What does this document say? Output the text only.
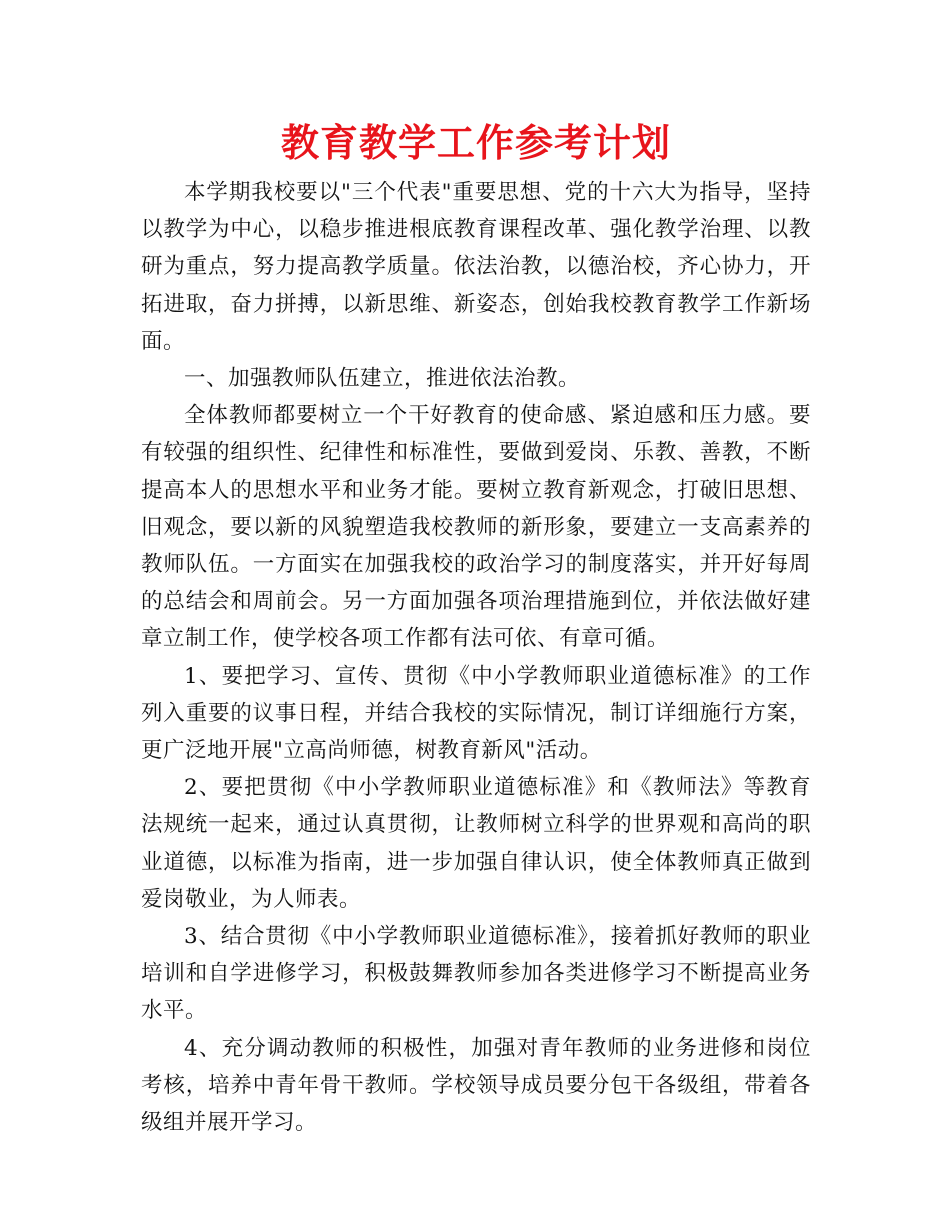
教育教学工作参考计划

本学期我校要以"三个代表"重要思想、党的十六大为指导，坚持以教学为中心，以稳步推进根底教育课程改革、强化教学治理、以教研为重点，努力提高教学质量。依法治教，以德治校，齐心协力，开拓进取，奋力拼搏，以新思维、新姿态，创始我校教育教学工作新场面。

一、加强教师队伍建立，推进依法治教。

全体教师都要树立一个干好教育的使命感、紧迫感和压力感。要有较强的组织性、纪律性和标准性，要做到爱岗、乐教、善教，不断提高本人的思想水平和业务才能。要树立教育新观念，打破旧思想、旧观念，要以新的风貌塑造我校教师的新形象，要建立一支高素养的教师队伍。一方面实在加强我校的政治学习的制度落实，并开好每周的总结会和周前会。另一方面加强各项治理措施到位，并依法做好建章立制工作，使学校各项工作都有法可依、有章可循。

1、要把学习、宣传、贯彻《中小学教师职业道德标准》的工作列入重要的议事日程，并结合我校的实际情况，制订详细施行方案，更广泛地开展"立高尚师德，树教育新风"活动。

2、要把贯彻《中小学教师职业道德标准》和《教师法》等教育法规统一起来，通过认真贯彻，让教师树立科学的世界观和高尚的职业道德，以标准为指南，进一步加强自律认识，使全体教师真正做到爱岗敬业，为人师表。

3、结合贯彻《中小学教师职业道德标准》，接着抓好教师的职业培训和自学进修学习，积极鼓舞教师参加各类进修学习不断提高业务水平。

4、充分调动教师的积极性，加强对青年教师的业务进修和岗位考核，培养中青年骨干教师。学校领导成员要分包干各级组，带着各级组并展开学习。
